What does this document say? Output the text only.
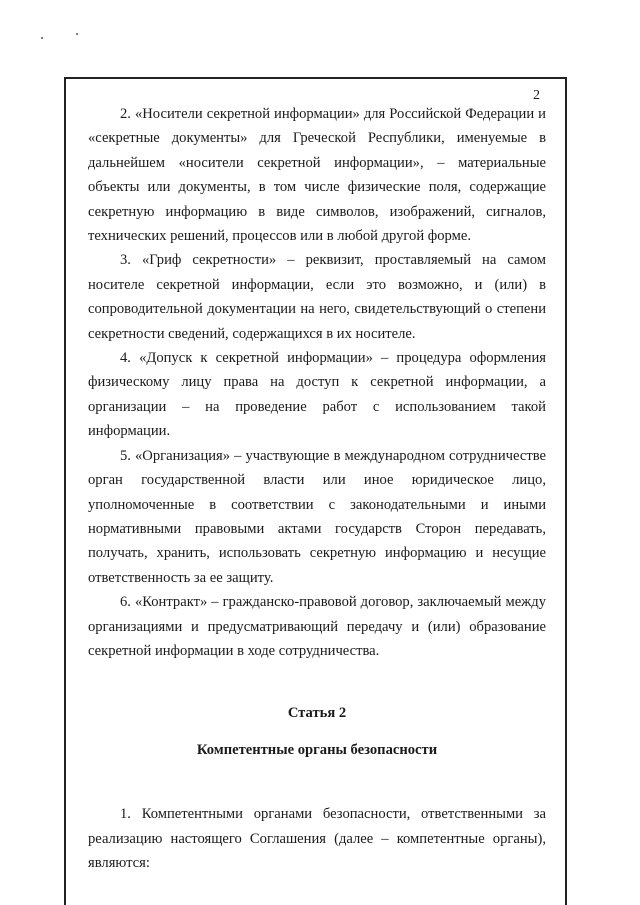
2

2. «Носители секретной информации» для Российской Федерации и «секретные документы» для Греческой Республики, именуемые в дальнейшем «носители секретной информации», – материальные объекты или документы, в том числе физические поля, содержащие секретную информацию в виде символов, изображений, сигналов, технических решений, процессов или в любой другой форме.

3. «Гриф секретности» – реквизит, проставляемый на самом носителе секретной информации, если это возможно, и (или) в сопроводительной документации на него, свидетельствующий о степени секретности сведений, содержащихся в их носителе.

4. «Допуск к секретной информации» – процедура оформления физическому лицу права на доступ к секретной информации, а организации – на проведение работ с использованием такой информации.

5. «Организация» – участвующие в международном сотрудничестве орган государственной власти или иное юридическое лицо, уполномоченные в соответствии с законодательными и иными нормативными правовыми актами государств Сторон передавать, получать, хранить, использовать секретную информацию и несущие ответственность за ее защиту.

6. «Контракт» – гражданско-правовой договор, заключаемый между организациями и предусматривающий передачу и (или) образование секретной информации в ходе сотрудничества.

Статья 2

Компетентные органы безопасности

1. Компетентными органами безопасности, ответственными за реализацию настоящего Соглашения (далее – компетентные органы), являются:
